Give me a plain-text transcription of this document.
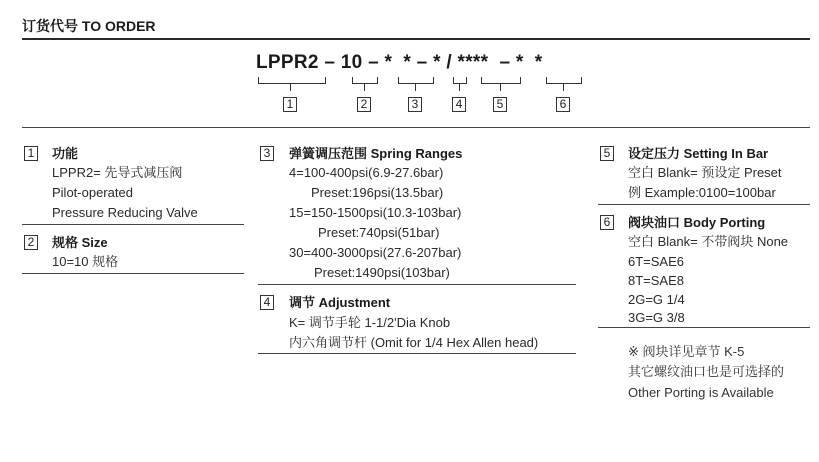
订货代号 TO ORDER
LPPR2 – 10 – *  * – * / ****  – *  *
1	2	3	4	5	6
1 功能
LPPR2= 先导式减压阀
Pilot-operated
Pressure Reducing Valve
2 规格 Size
10=10 规格
3 弹簧调压范围 Spring Ranges
4=100-400psi(6.9-27.6bar)
Preset:196psi(13.5bar)
15=150-1500psi(10.3-103bar)
Preset:740psi(51bar)
30=400-3000psi(27.6-207bar)
Preset:1490psi(103bar)
4 调节 Adjustment
K= 调节手轮 1-1/2'Dia Knob
内六角调节杆 (Omit for 1/4 Hex Allen head)
5 设定压力 Setting In Bar
空白 Blank= 预设定 Preset
例 Example:0100=100bar
6 阀块油口 Body Porting
空白 Blank= 不带阀块 None
6T=SAE6
8T=SAE8
2G=G 1/4
3G=G 3/8
※ 阀块详见章节 K-5
其它螺纹油口也是可选择的
Other Porting is Available
